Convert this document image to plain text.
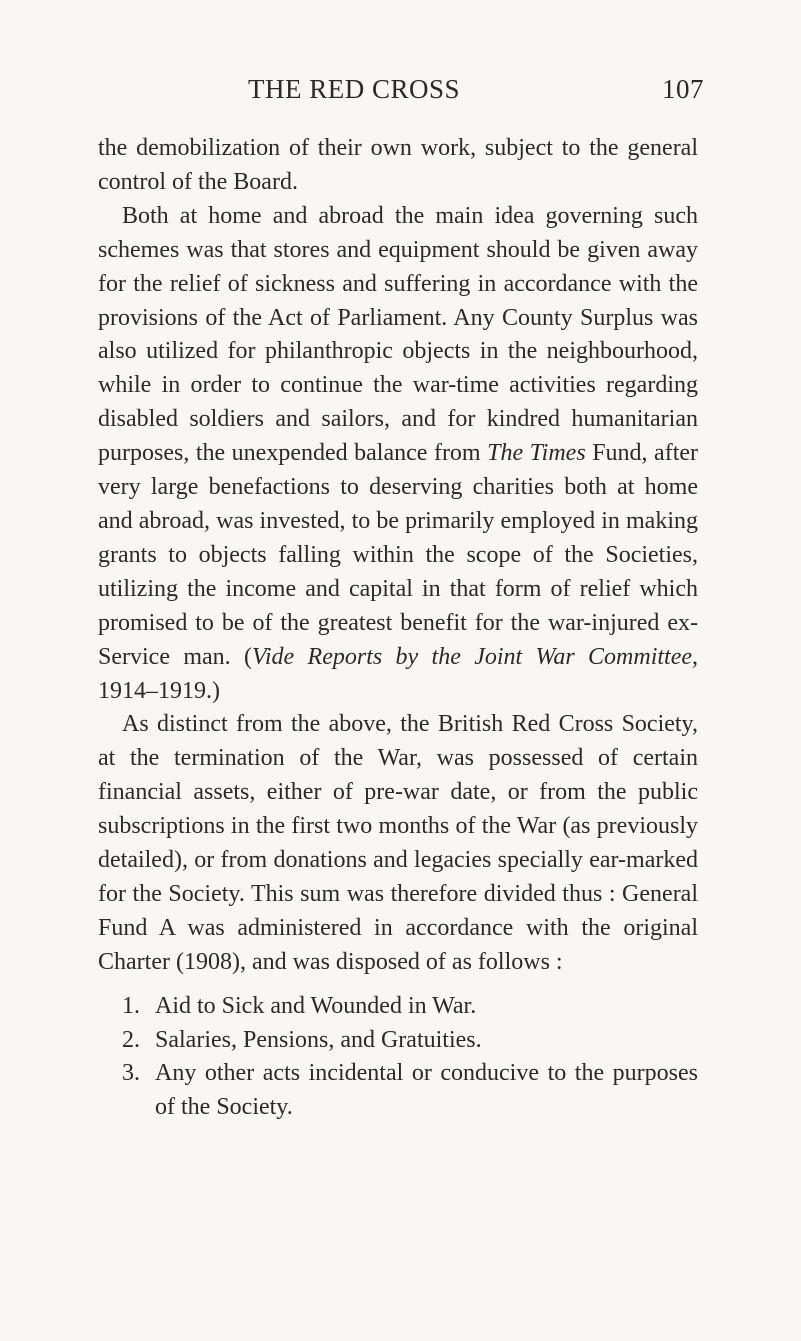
THE RED CROSS	107

the demobilization of their own work, subject to the general control of the Board.

Both at home and abroad the main idea governing such schemes was that stores and equipment should be given away for the relief of sickness and suffering in accordance with the provisions of the Act of Parliament. Any County Surplus was also utilized for philanthropic objects in the neighbourhood, while in order to continue the war-time activities regarding disabled soldiers and sailors, and for kindred humanitarian purposes, the unexpended balance from The Times Fund, after very large benefactions to deserving charities both at home and abroad, was invested, to be primarily employed in making grants to objects falling within the scope of the Societies, utilizing the income and capital in that form of relief which promised to be of the greatest benefit for the war-injured ex-Service man. (Vide Reports by the Joint War Committee, 1914–1919.)

As distinct from the above, the British Red Cross Society, at the termination of the War, was possessed of certain financial assets, either of pre-war date, or from the public subscriptions in the first two months of the War (as previously detailed), or from donations and legacies specially ear-marked for the Society. This sum was therefore divided thus : General Fund A was administered in accordance with the original Charter (1908), and was disposed of as follows :

1. Aid to Sick and Wounded in War.
2. Salaries, Pensions, and Gratuities.
3. Any other acts incidental or conducive to the purposes of the Society.
